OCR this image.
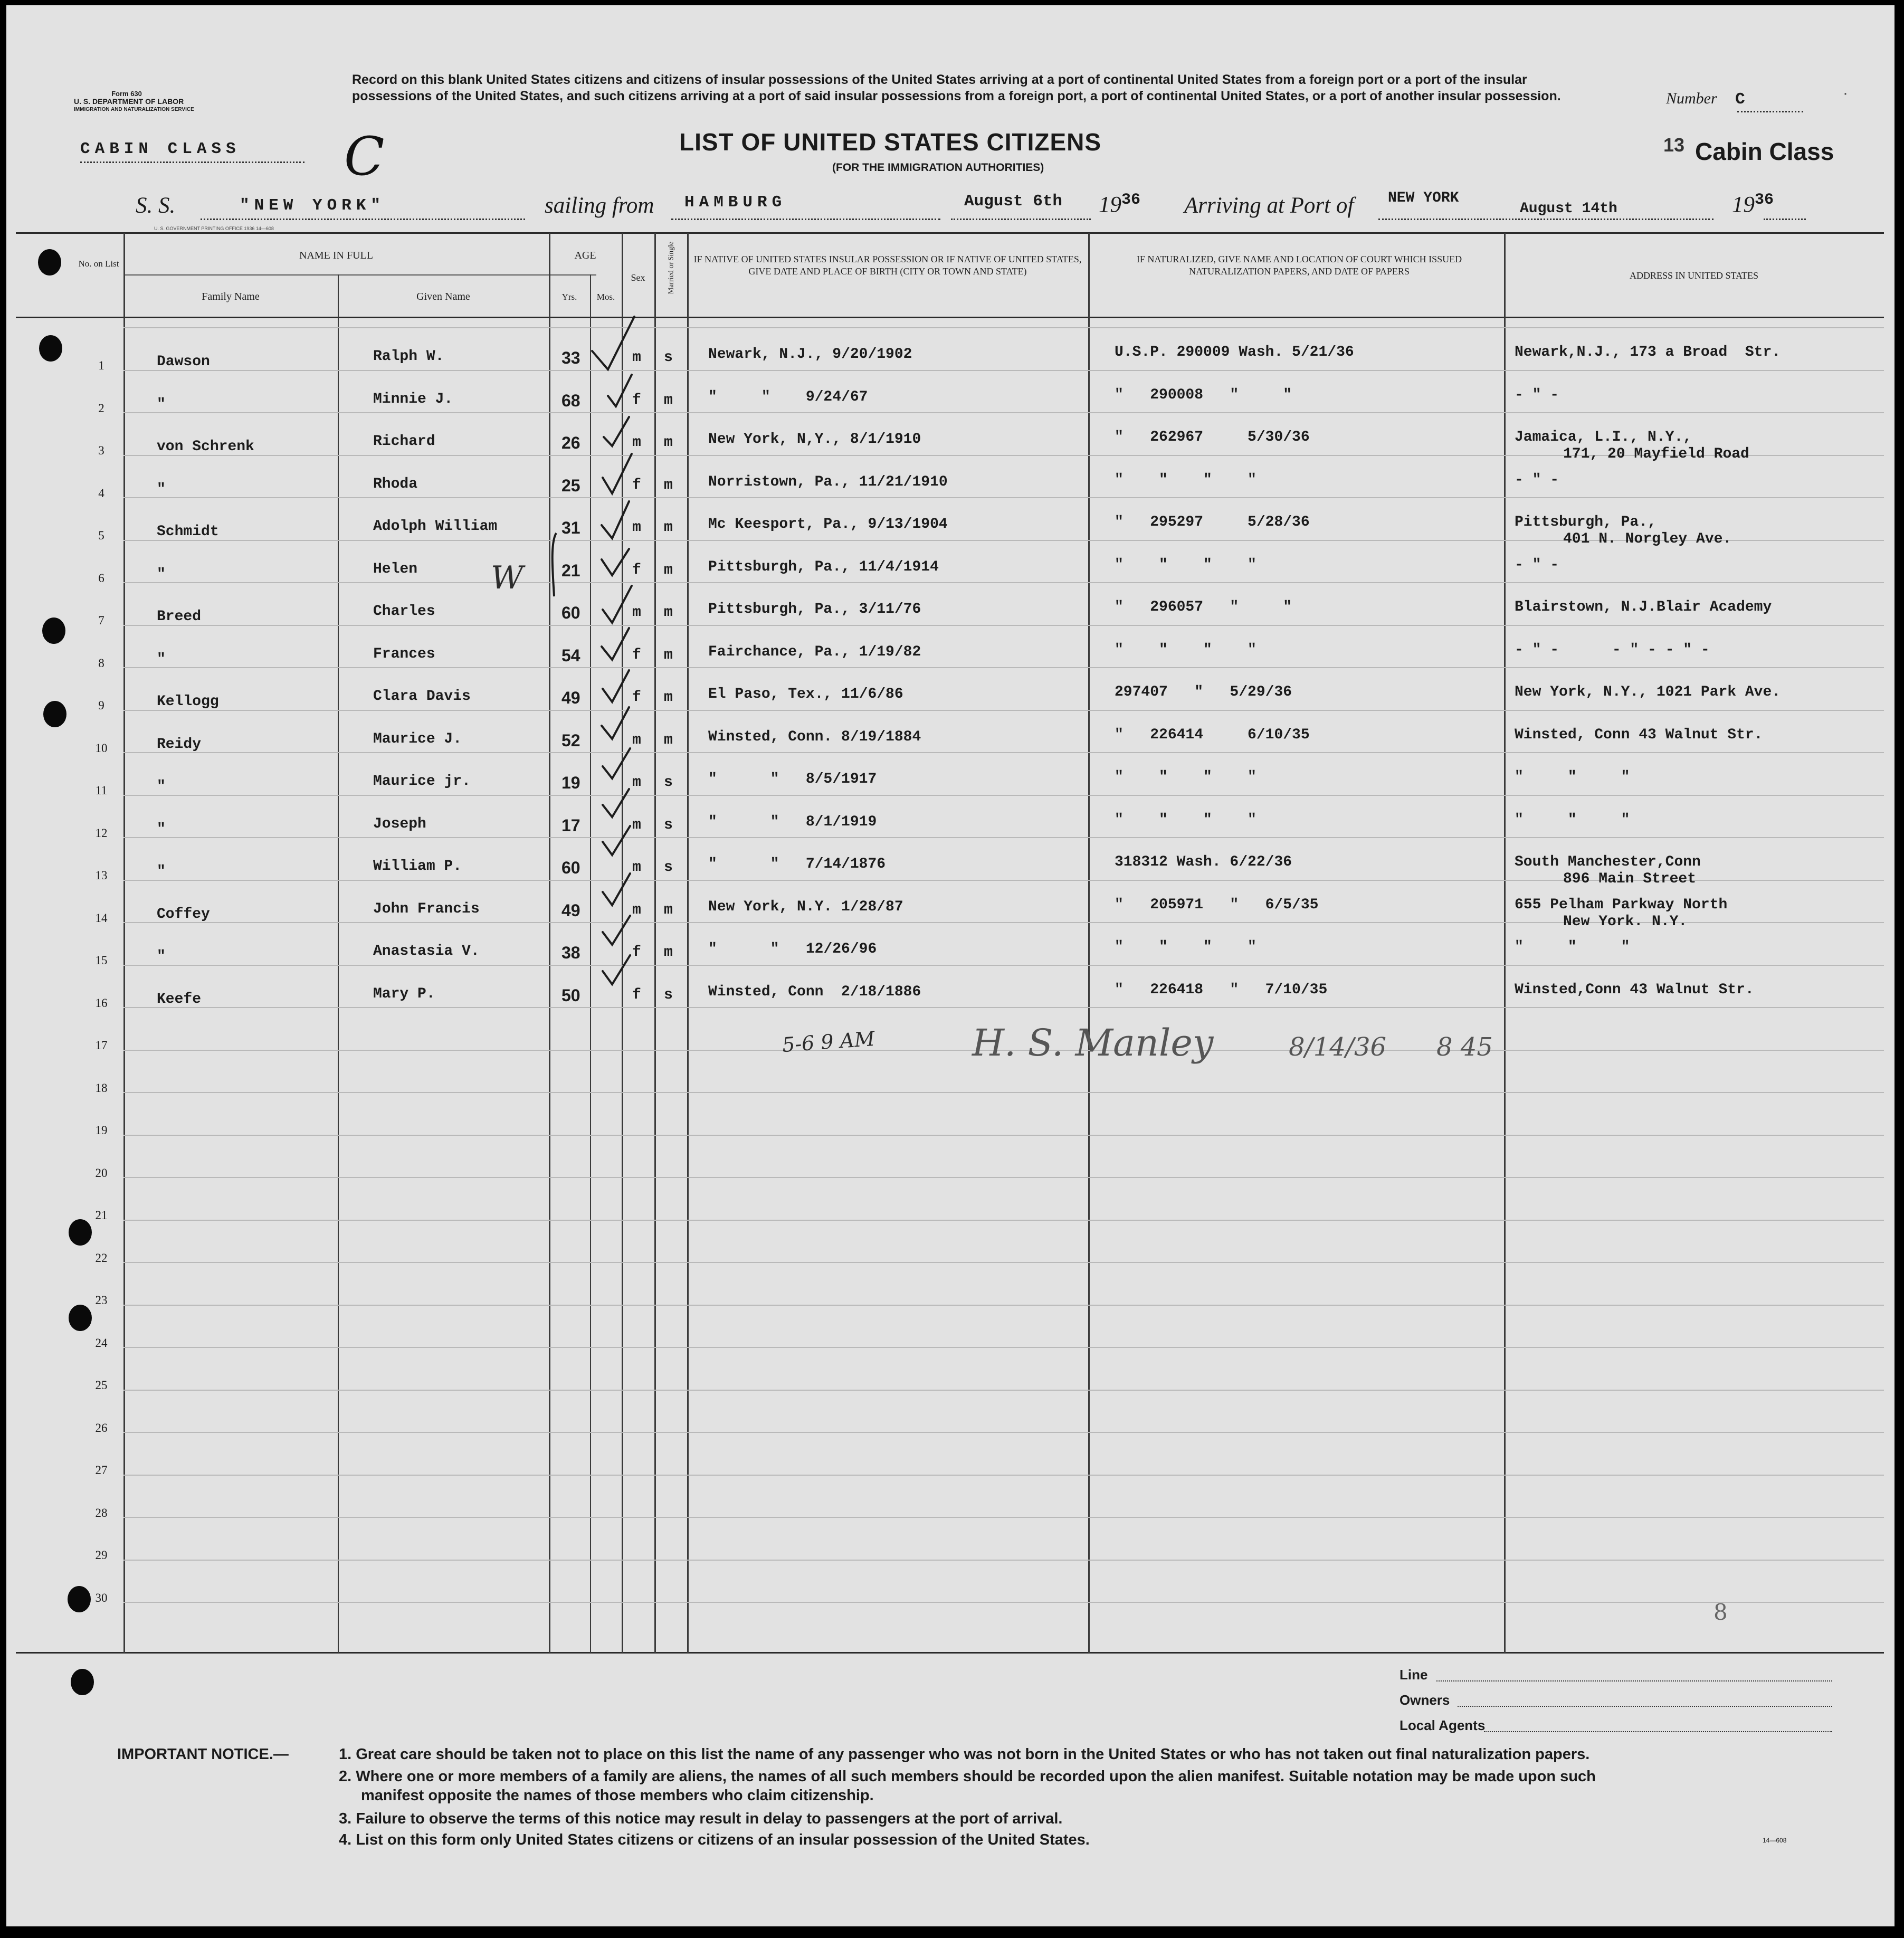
Form 630
U. S. DEPARTMENT OF LABOR
IMMIGRATION AND NATURALIZATION SERVICE
Record on this blank United States citizens and citizens of insular possessions of the United States arriving at a port of continental United States from a foreign port or a port of the insular possessions of the United States, and such citizens arriving at a port of said insular possessions from a foreign port, a port of continental United States, or a port of another insular possession.	Number C	·
CABIN CLASS C	LIST OF UNITED STATES CITIZENS
(FOR THE IMMIGRATION AUTHORITIES)
13 Cabin Class
S. S.	"NEW YORK"	sailing from HAMBURG	August 6th $19^{36}$ Arriving at Port of NEW YORK
August 14th	$19^{36}$
U. S. GOVERNMENT PRINTING OFFICE 1936 14—608
No. on List
NAME IN FULL
Family Name	Given Name
AGE
Yrs.	Mos.
Sex	Married or Single IF NATIVE OF UNITED STATES INSULAR POSSESSION OR IF NATIVE OF UNITED STATES, GIVE DATE AND PLACE OF BIRTH (CITY OR TOWN AND STATE)
IF NATURALIZED, GIVE NAME AND LOCATION OF COURT WHICH ISSUED NATURALIZATION PAPERS, AND DATE OF PAPERS	ADDRESS IN UNITED STATES
1	Dawson	Ralph W.	33	m s Newark, N.J., 9/20/1902	U.S.P. 290009 Wash. 5/21/36	Newark,N.J., 173 a Broad  Str.
2	"	Minnie J.	68	f m "     "    9/24/67	"   290008   "     "	- " -
3	von Schrenk	Richard	26	m m New York, N,Y., 8/1/1910	"   262967     5/30/36	Jamaica, L.I., N.Y.,
171, 20 Mayfield Road
4	"	Rhoda	25	f m Norristown, Pa., 11/21/1910	"    "    "    "	- " -
5	Schmidt	Adolph William	31	m m Mc Keesport, Pa., 9/13/1904	"   295297     5/28/36	Pittsburgh, Pa.,
401 N. Norgley Ave.
6	"	Helen	21	f m Pittsburgh, Pa., 11/4/1914	"    "    "    "	- " -
7	Breed	Charles	60	m m Pittsburgh, Pa., 3/11/76	"   296057   "     "	Blairstown, N.J.Blair Academy
8	"	Frances	54	f m Fairchance, Pa., 1/19/82	"    "    "    "	- " -      - " - - " -
9	Kellogg	Clara Davis	49	f m El Paso, Tex., 11/6/86	297407   "   5/29/36	New York, N.Y., 1021 Park Ave.
10	Reidy	Maurice J.	52	m m Winsted, Conn. 8/19/1884	"   226414     6/10/35	Winsted, Conn 43 Walnut Str.
11	"	Maurice jr.	19	m s "      "   8/5/1917	"    "    "    "	"     "     "
12	"	Joseph	17	m s "      "   8/1/1919	"    "    "    "	"     "     "
13	"	William P.	60	m s "      "   7/14/1876	318312 Wash. 6/22/36	South Manchester,Conn
896 Main Street
14	Coffey	John Francis	49	m m New York, N.Y. 1/28/87	"   205971   "   6/5/35	655 Pelham Parkway North
New York. N.Y.
15	"	Anastasia V.	38	f m "      "   12/26/96	"    "    "    "	"     "     "
16	Keefe	Mary P.	50	f s Winsted, Conn  2/18/1886	"   226418   "   7/10/35	Winsted,Conn 43 Walnut Str.
17
18
19
20
21
22
23
24
25
26
27
28
29
30
W
5-6 9 AM	H. S. Manley	8/14/36 8 45
8
Line
Owners
Local Agents
IMPORTANT NOTICE.—	1. Great care should be taken not to place on this list the name of any passenger who was not born in the United States or who has not taken out final naturalization papers.
2. Where one or more members of a family are aliens, the names of all such members should be recorded upon the alien manifest. Suitable notation may be made upon such
manifest opposite the names of those members who claim citizenship.
3. Failure to observe the terms of this notice may result in delay to passengers at the port of arrival.
4. List on this form only United States citizens or citizens of an insular possession of the United States.	14—608
